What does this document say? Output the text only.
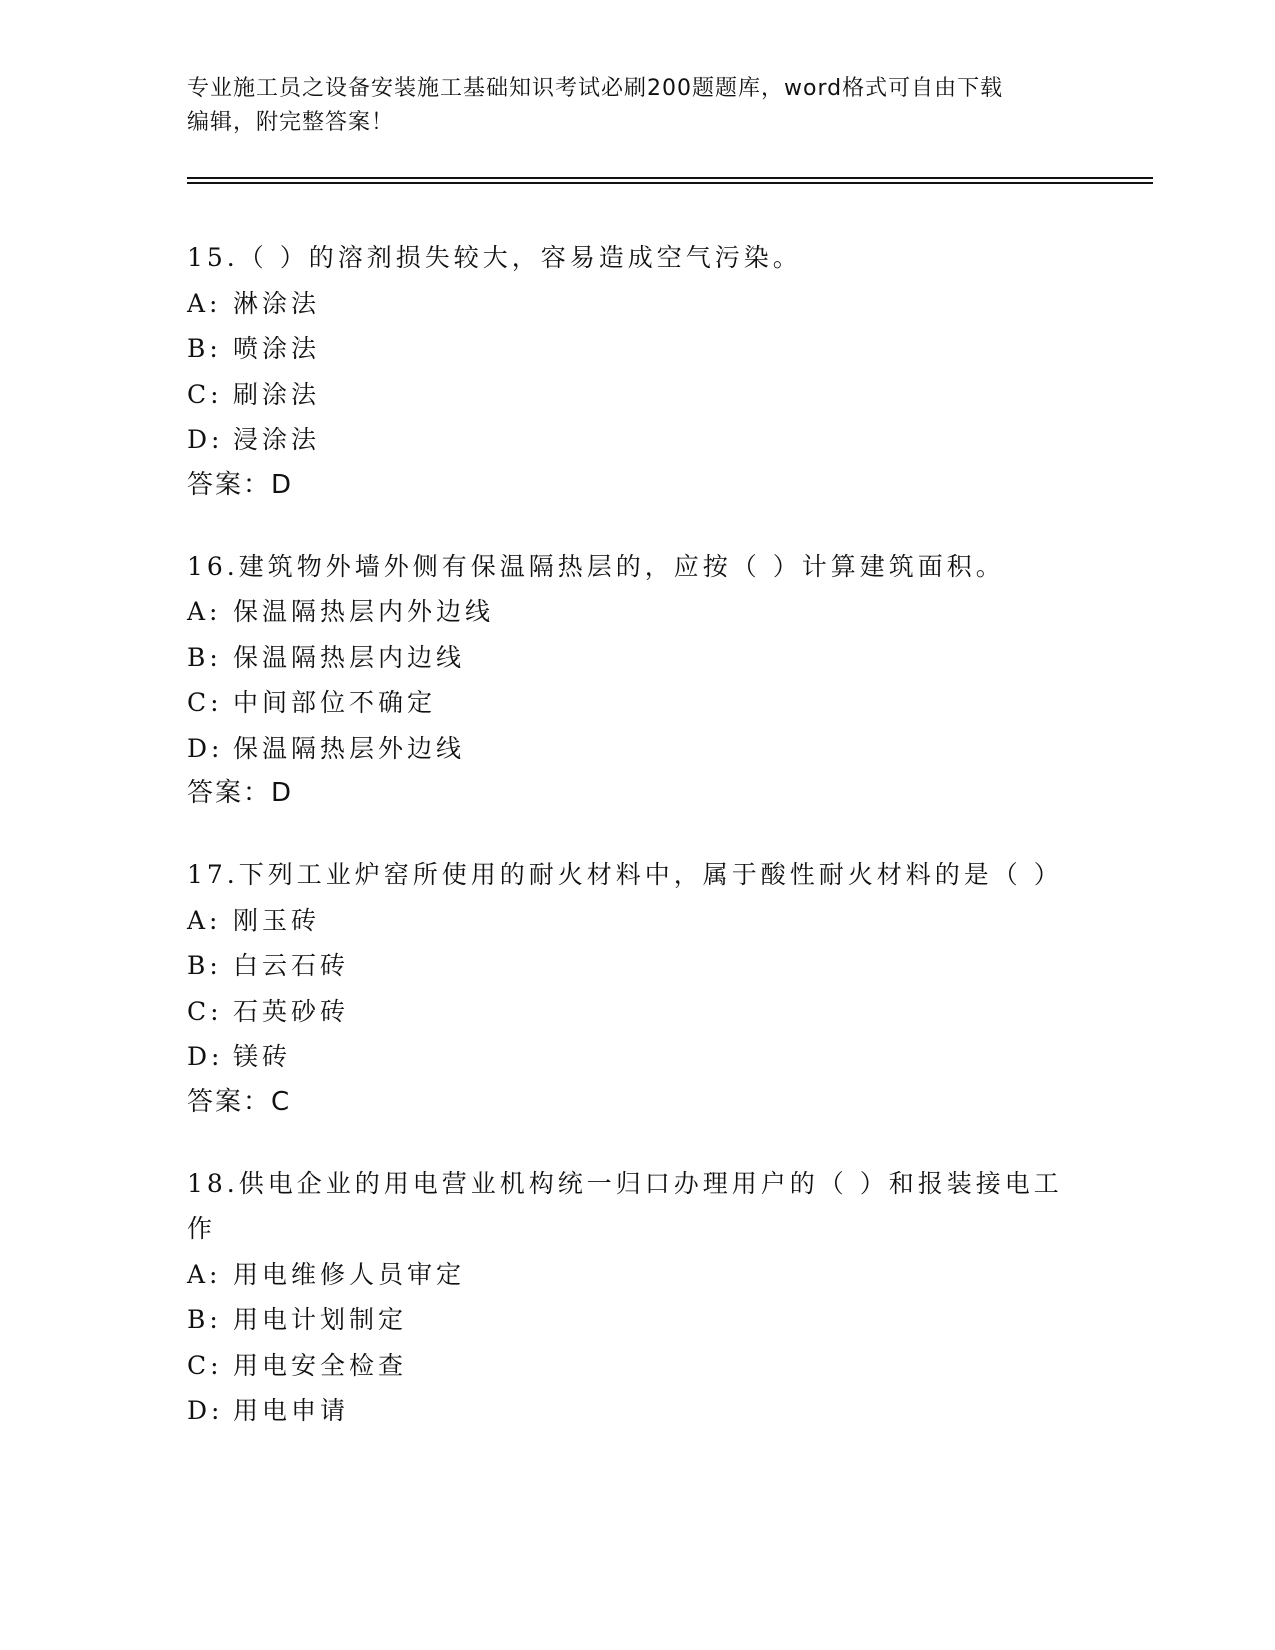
专业施工员之设备安装施工基础知识考试必刷200题题库，word格式可自由下载
编辑，附完整答案！

15.（ ）的溶剂损失较大，容易造成空气污染。

A: 淋涂法
B: 喷涂法
C: 刷涂法
D: 浸涂法

答案：D

16.建筑物外墙外侧有保温隔热层的，应按（ ）计算建筑面积。

A: 保温隔热层内外边线
B: 保温隔热层内边线
C: 中间部位不确定
D: 保温隔热层外边线

答案：D

17.下列工业炉窑所使用的耐火材料中，属于酸性耐火材料的是（ ）

A: 刚玉砖
B: 白云石砖
C: 石英砂砖
D: 镁砖

答案：C

18.供电企业的用电营业机构统一归口办理用户的（ ）和报装接电工作

A: 用电维修人员审定
B: 用电计划制定
C: 用电安全检查
D: 用电申请
